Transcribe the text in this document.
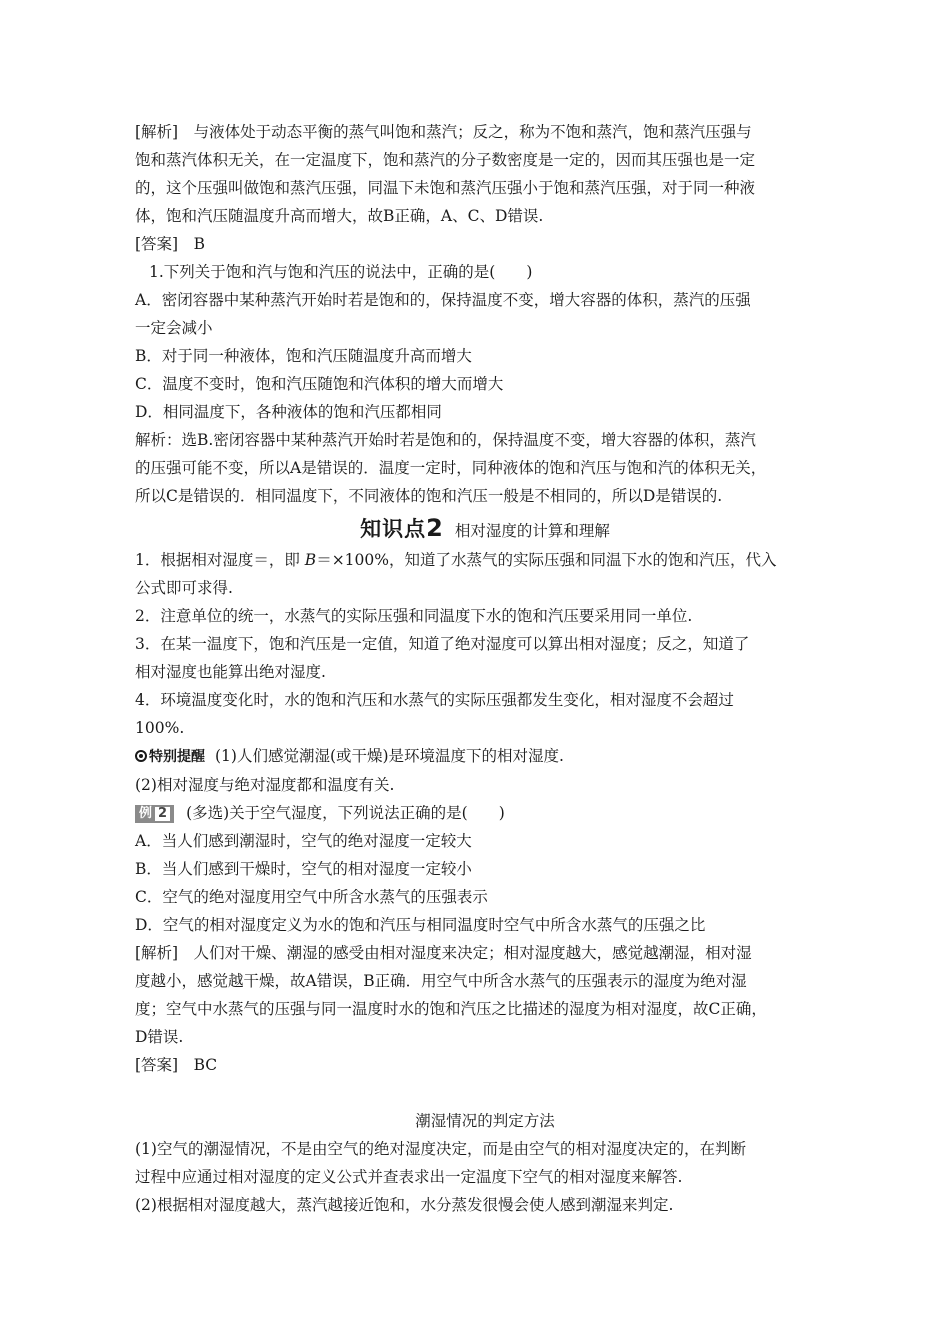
[解析]　与液体处于动态平衡的蒸气叫饱和蒸汽；反之，称为不饱和蒸汽，饱和蒸汽压强与

饱和蒸汽体积无关，在一定温度下，饱和蒸汽的分子数密度是一定的，因而其压强也是一定

的，这个压强叫做饱和蒸汽压强，同温下未饱和蒸汽压强小于饱和蒸汽压强，对于同一种液

体，饱和汽压随温度升高而增大，故B正确，A、C、D错误.

[答案]　B

1.下列关于饱和汽与饱和汽压的说法中，正确的是(　　)

A．密闭容器中某种蒸汽开始时若是饱和的，保持温度不变，增大容器的体积，蒸汽的压强

一定会减小

B．对于同一种液体，饱和汽压随温度升高而增大

C．温度不变时，饱和汽压随饱和汽体积的增大而增大

D．相同温度下，各种液体的饱和汽压都相同

解析：选B.密闭容器中某种蒸汽开始时若是饱和的，保持温度不变，增大容器的体积，蒸汽

的压强可能不变，所以A是错误的．温度一定时，同种液体的饱和汽压与饱和汽的体积无关，

所以C是错误的．相同温度下，不同液体的饱和汽压一般是不相同的，所以D是错误的.

知识点2 相对湿度的计算和理解

1．根据相对湿度＝，即 B＝×100%，知道了水蒸气的实际压强和同温下水的饱和汽压，代入

公式即可求得.

2．注意单位的统一，水蒸气的实际压强和同温度下水的饱和汽压要采用同一单位.

3．在某一温度下，饱和汽压是一定值，知道了绝对湿度可以算出相对湿度；反之，知道了

相对湿度也能算出绝对湿度.

4．环境温度变化时，水的饱和汽压和水蒸气的实际压强都发生变化，相对湿度不会超过

100%.

特别提醒 (1)人们感觉潮湿(或干燥)是环境温度下的相对湿度.

(2)相对湿度与绝对湿度都和温度有关.

例 2 (多选)关于空气湿度，下列说法正确的是(　　)

A．当人们感到潮湿时，空气的绝对湿度一定较大

B．当人们感到干燥时，空气的相对湿度一定较小

C．空气的绝对湿度用空气中所含水蒸气的压强表示

D．空气的相对湿度定义为水的饱和汽压与相同温度时空气中所含水蒸气的压强之比

[解析]　人们对干燥、潮湿的感受由相对湿度来决定；相对湿度越大，感觉越潮湿，相对湿

度越小，感觉越干燥，故A错误，B正确．用空气中所含水蒸气的压强表示的湿度为绝对湿

度；空气中水蒸气的压强与同一温度时水的饱和汽压之比描述的湿度为相对湿度，故C正确，

D错误.

[答案]　BC

潮湿情况的判定方法

(1)空气的潮湿情况，不是由空气的绝对湿度决定，而是由空气的相对湿度决定的，在判断

过程中应通过相对湿度的定义公式并查表求出一定温度下空气的相对湿度来解答.

(2)根据相对湿度越大，蒸汽越接近饱和，水分蒸发很慢会使人感到潮湿来判定.
